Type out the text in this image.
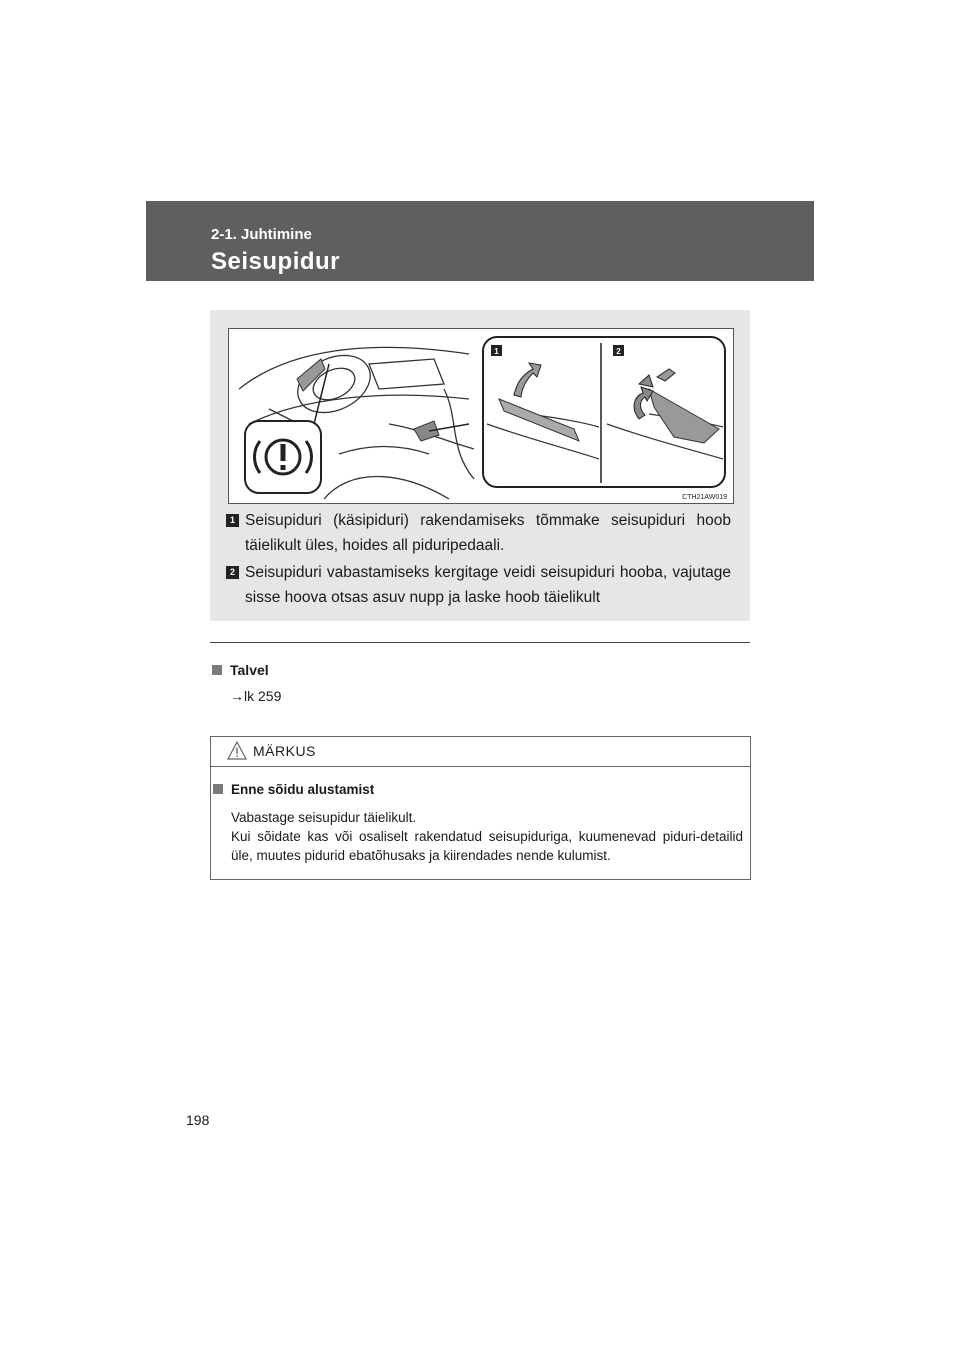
2-1. Juhtimine
Seisupidur
1	2
CTH21AW019
1 Seisupiduri (käsipiduri) rakendamiseks tõmmake seisupiduri hoob täielikult üles, hoides all piduripedaali.
2 Seisupiduri vabastamiseks kergitage veidi seisupiduri hooba, vajutage sisse hoova otsas asuv nupp ja laske hoob täielikult
Talvel
→lk 259
MÄRKUS
Enne sõidu alustamist
Vabastage seisupidur täielikult.
Kui sõidate kas või osaliselt rakendatud seisupiduriga, kuumenevad piduri-detailid üle, muutes pidurid ebatõhusaks ja kiirendades nende kulumist.
198
